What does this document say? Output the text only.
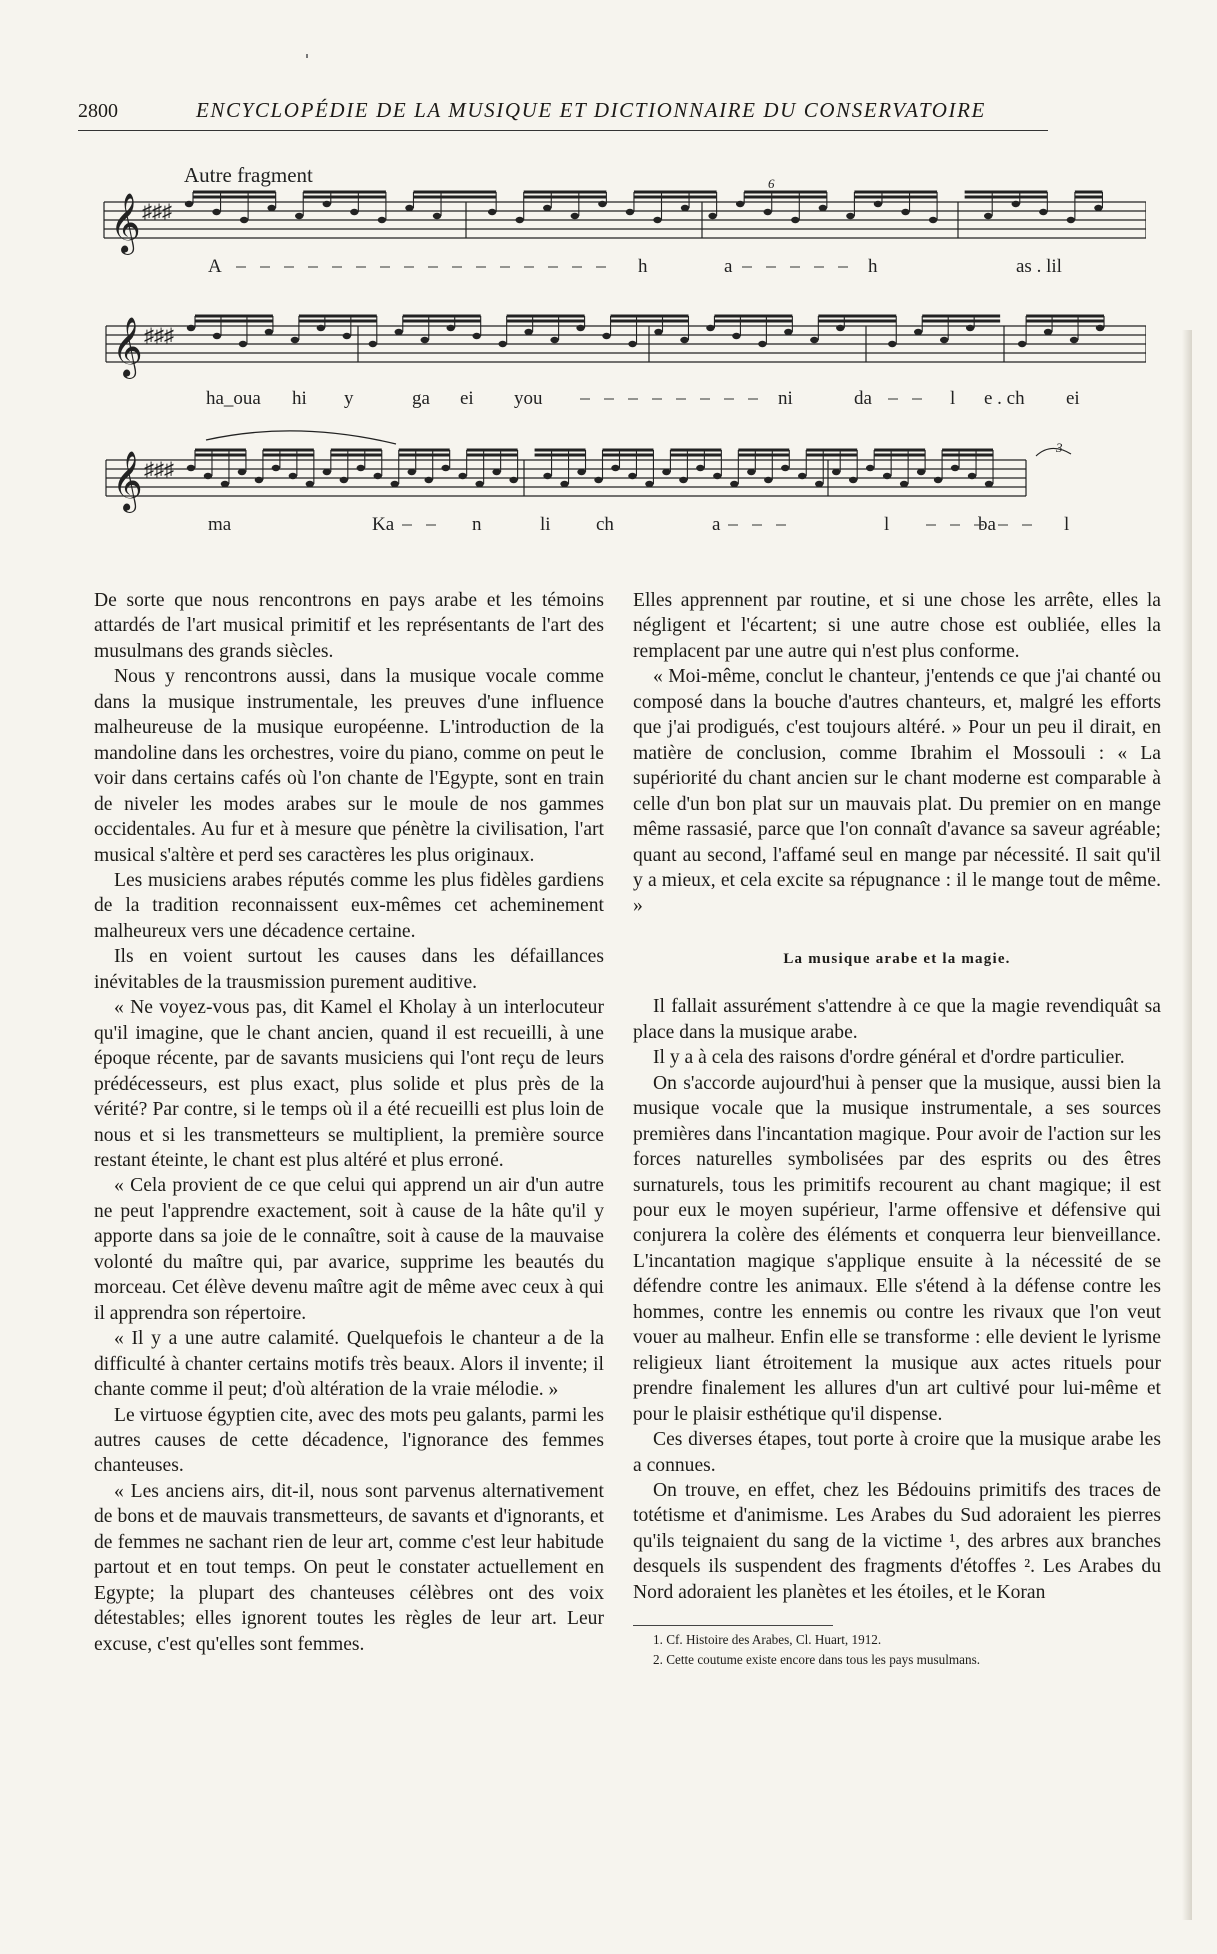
2800	ENCYCLOPÉDIE DE LA MUSIQUE ET DICTIONNAIRE DU CONSERVATOIRE
𝄞 ♯♯♯
𝄞 ♯♯♯
𝄞 ♯♯♯
Autre fragment	6
3
A	h	a	h	as . lil
ha_oua hi y	ga ei you	ni	da	l e . ch ei
ma	Ka	n	li ch	a	l	ba	l

De sorte que nous rencontrons en pays arabe et les témoins attardés de l'art musical primitif et les représentants de l'art des musulmans des grands siècles.

Nous y rencontrons aussi, dans la musique vocale comme dans la musique instrumentale, les preuves d'une influence malheureuse de la musique européenne. L'introduction de la mandoline dans les orchestres, voire du piano, comme on peut le voir dans certains cafés où l'on chante de l'Egypte, sont en train de niveler les modes arabes sur le moule de nos gammes occidentales. Au fur et à mesure que pénètre la civilisation, l'art musical s'altère et perd ses caractères les plus originaux.

Les musiciens arabes réputés comme les plus fidèles gardiens de la tradition reconnaissent eux-mêmes cet acheminement malheureux vers une décadence certaine.

Ils en voient surtout les causes dans les défaillances inévitables de la trausmission purement auditive.

« Ne voyez-vous pas, dit Kamel el Kholay à un interlocuteur qu'il imagine, que le chant ancien, quand il est recueilli, à une époque récente, par de savants musiciens qui l'ont reçu de leurs prédécesseurs, est plus exact, plus solide et plus près de la vérité? Par contre, si le temps où il a été recueilli est plus loin de nous et si les transmetteurs se multiplient, la première source restant éteinte, le chant est plus altéré et plus erroné.

« Cela provient de ce que celui qui apprend un air d'un autre ne peut l'apprendre exactement, soit à cause de la hâte qu'il y apporte dans sa joie de le connaître, soit à cause de la mauvaise volonté du maître qui, par avarice, supprime les beautés du morceau. Cet élève devenu maître agit de même avec ceux à qui il apprendra son répertoire.

« Il y a une autre calamité. Quelquefois le chanteur a de la difficulté à chanter certains motifs très beaux. Alors il invente; il chante comme il peut; d'où altération de la vraie mélodie. »

Le virtuose égyptien cite, avec des mots peu galants, parmi les autres causes de cette décadence, l'ignorance des femmes chanteuses.

« Les anciens airs, dit-il, nous sont parvenus alternativement de bons et de mauvais transmetteurs, de savants et d'ignorants, et de femmes ne sachant rien de leur art, comme c'est leur habitude partout et en tout temps. On peut le constater actuellement en Egypte; la plupart des chanteuses célèbres ont des voix détestables; elles ignorent toutes les règles de leur art. Leur excuse, c'est qu'elles sont femmes.

Elles apprennent par routine, et si une chose les arrête, elles la négligent et l'écartent; si une autre chose est oubliée, elles la remplacent par une autre qui n'est plus conforme.

« Moi-même, conclut le chanteur, j'entends ce que j'ai chanté ou composé dans la bouche d'autres chanteurs, et, malgré les efforts que j'ai prodigués, c'est toujours altéré. » Pour un peu il dirait, en matière de conclusion, comme Ibrahim el Mossouli : « La supériorité du chant ancien sur le chant moderne est comparable à celle d'un bon plat sur un mauvais plat. Du premier on en mange même rassasié, parce que l'on connaît d'avance sa saveur agréable; quant au second, l'affamé seul en mange par nécessité. Il sait qu'il y a mieux, et cela excite sa répugnance : il le mange tout de même. »

La musique arabe et la magie.

Il fallait assurément s'attendre à ce que la magie revendiquât sa place dans la musique arabe.

Il y a à cela des raisons d'ordre général et d'ordre particulier.

On s'accorde aujourd'hui à penser que la musique, aussi bien la musique vocale que la musique instrumentale, a ses sources premières dans l'incantation magique. Pour avoir de l'action sur les forces naturelles symbolisées par des esprits ou des êtres surnaturels, tous les primitifs recourent au chant magique; il est pour eux le moyen supérieur, l'arme offensive et défensive qui conjurera la colère des éléments et conquerra leur bienveillance. L'incantation magique s'applique ensuite à la nécessité de se défendre contre les animaux. Elle s'étend à la défense contre les hommes, contre les ennemis ou contre les rivaux que l'on veut vouer au malheur. Enfin elle se transforme : elle devient le lyrisme religieux liant étroitement la musique aux actes rituels pour prendre finalement les allures d'un art cultivé pour lui-même et pour le plaisir esthétique qu'il dispense.

Ces diverses étapes, tout porte à croire que la musique arabe les a connues.

On trouve, en effet, chez les Bédouins primitifs des traces de totétisme et d'animisme. Les Arabes du Sud adoraient les pierres qu'ils teignaient du sang de la victime ¹, des arbres aux branches desquels ils suspendent des fragments d'étoffes ². Les Arabes du Nord adoraient les planètes et les étoiles, et le Koran

1. Cf. Histoire des Arabes, Cl. Huart, 1912.

2. Cette coutume existe encore dans tous les pays musulmans.
